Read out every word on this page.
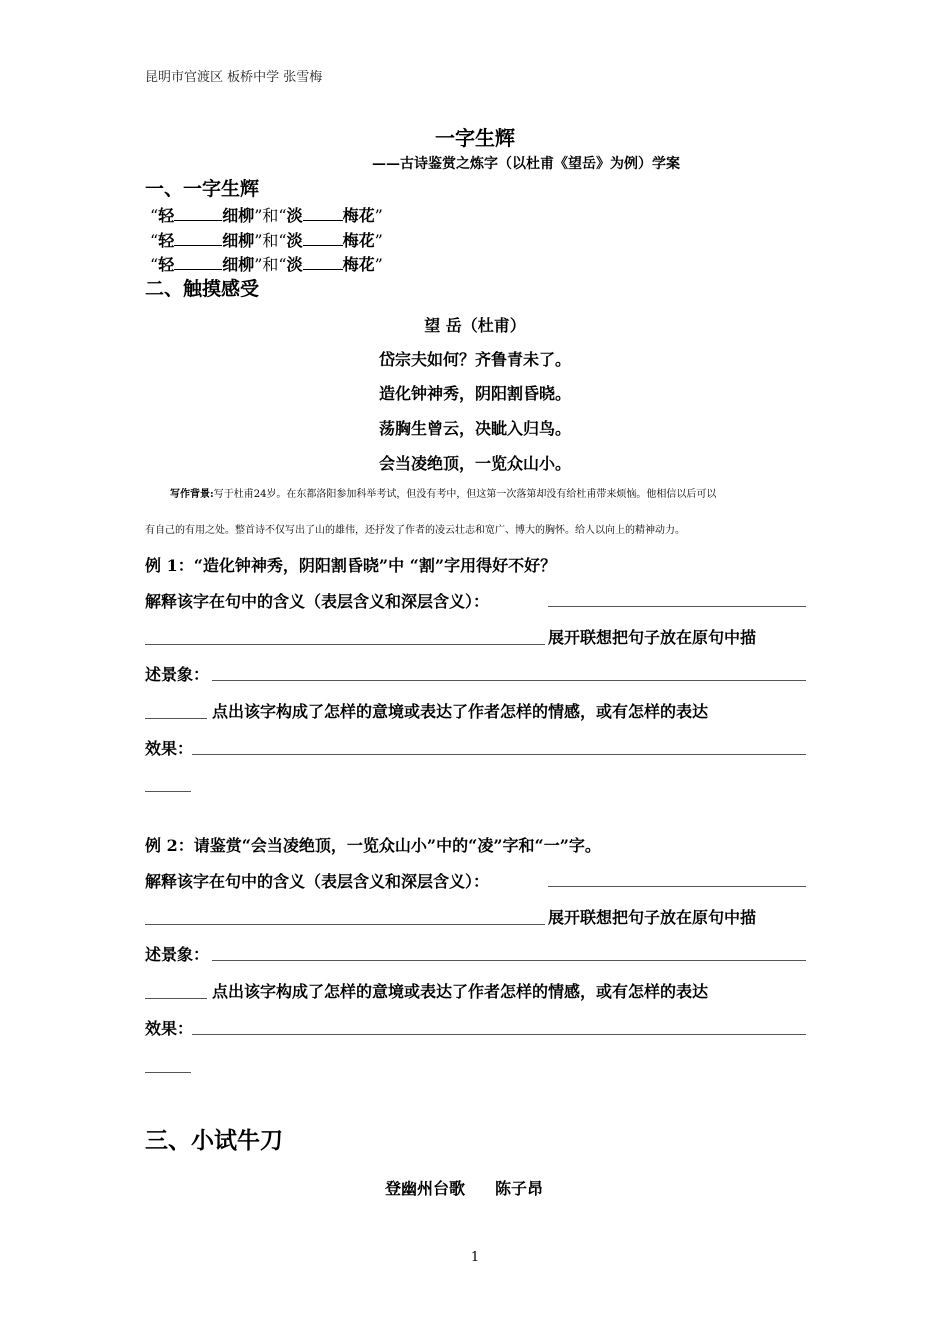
昆明市官渡区 板桥中学 张雪梅
一字生辉
——古诗鉴赏之炼字（以杜甫《望岳》为例）学案
一、一字生辉
“轻	细柳”和“淡	梅花”
“轻	细柳”和“淡	梅花”
“轻	细柳”和“淡	梅花”
二、触摸感受
望 岳（杜甫）
岱宗夫如何？齐鲁青未了。
造化钟神秀，阴阳割昏晓。
荡胸生曾云，决眦入归鸟。
会当凌绝顶，一览众山小。
写作背景:写于杜甫24岁。在东都洛阳参加科举考试，但没有考中，但这第一次落第却没有给杜甫带来烦恼。他相信以后可以
有自己的有用之处。整首诗不仅写出了山的雄伟，还抒发了作者的凌云壮志和宽广、博大的胸怀。给人以向上的精神动力。
例 1：“造化钟神秀，阴阳割昏晓”中 “割”字用得好不好？
解释该字在句中的含义（表层含义和深层含义）：
展开联想把句子放在原句中描
述景象：
点出该字构成了怎样的意境或表达了作者怎样的情感，或有怎样的表达
效果：
例 2：请鉴赏“会当凌绝顶，一览众山小”中的“凌”字和“一”字。
解释该字在句中的含义（表层含义和深层含义）：
展开联想把句子放在原句中描
述景象：
点出该字构成了怎样的意境或表达了作者怎样的情感，或有怎样的表达
效果：
三、小试牛刀
登幽州台歌 陈子昂
1
